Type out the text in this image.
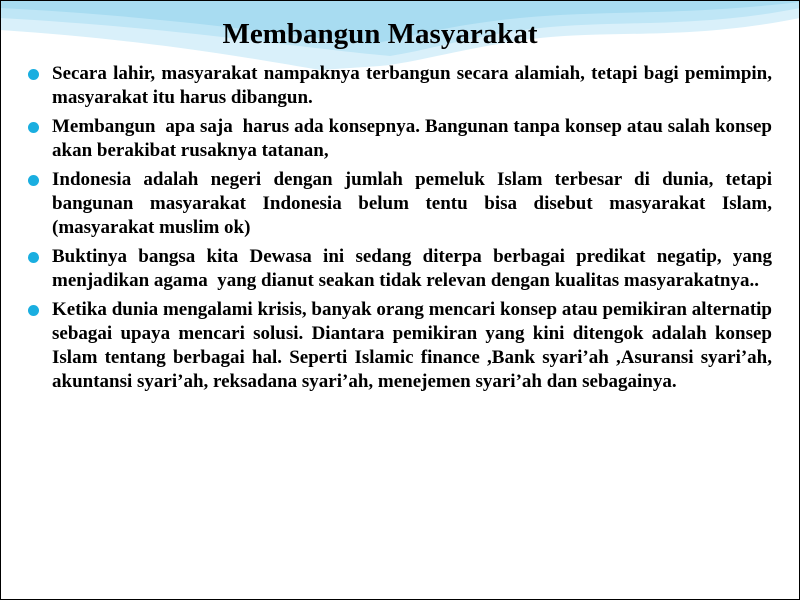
Membangun Masyarakat
Secara lahir, masyarakat nampaknya terbangun secara alamiah, tetapi bagi pemimpin, masyarakat itu harus dibangun.
Membangun  apa saja  harus ada konsepnya. Bangunan tanpa konsep atau salah konsep akan berakibat rusaknya tatanan,
Indonesia adalah negeri dengan jumlah pemeluk Islam terbesar di dunia, tetapi bangunan masyarakat Indonesia belum tentu bisa disebut masyarakat Islam, (masyarakat muslim ok)
Buktinya bangsa kita Dewasa ini sedang diterpa berbagai predikat negatip, yang menjadikan agama  yang dianut seakan tidak relevan dengan kualitas masyarakatnya..
Ketika dunia mengalami krisis, banyak orang mencari konsep atau pemikiran alternatip sebagai upaya mencari solusi. Diantara pemikiran yang kini ditengok adalah konsep Islam tentang berbagai hal. Seperti Islamic finance ,Bank syari’ah ,Asuransi syari’ah, akuntansi syari’ah, reksadana syari’ah, menejemen syari’ah dan sebagainya.
